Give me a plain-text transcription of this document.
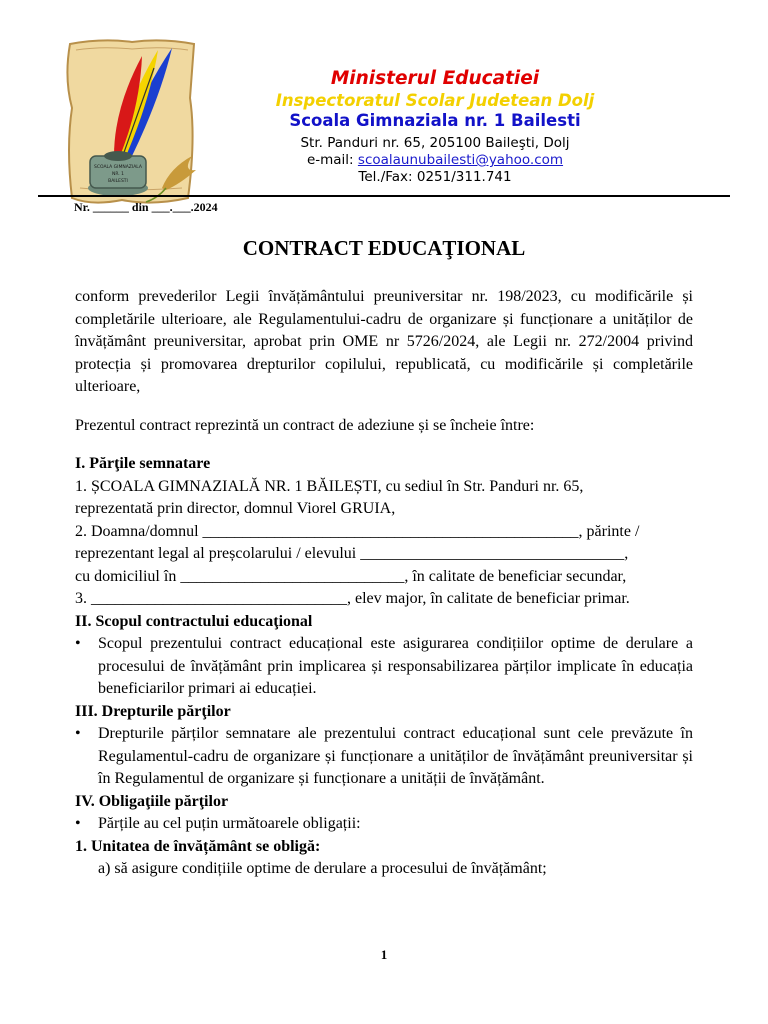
SCOALA GIMNAZIALA
NR. 1
BAILESTI
Ministerul Educatiei
Inspectoratul Scolar Judetean Dolj
Scoala Gimnaziala nr. 1 Bailesti
Str. Panduri nr. 65, 205100 Baileşti, Dolj
e-mail: scoalaunubailesti@yahoo.com
Tel./Fax: 0251/311.741
Nr. ______ din ___.___.2024
CONTRACT EDUCAŢIONAL

conform prevederilor Legii învățământului preuniversitar nr. 198/2023, cu modificările și completările ulterioare, ale Regulamentului-cadru de organizare și funcționare a unităților de învățământ preuniversitar, aprobat prin OME nr 5726/2024, ale Legii nr. 272/2004 privind protecția și promovarea drepturilor copilului, republicată, cu modificările și completările ulterioare,

Prezentul contract reprezintă un contract de adeziune și se încheie între:

I. Părţile semnatare

1. ȘCOALA GIMNAZIALĂ NR. 1 BĂILEȘTI, cu sediul în Str. Panduri nr. 65,

reprezentată prin director, domnul Viorel GRUIA,

2. Doamna/domnul _______________________________________________, părinte /

reprezentant legal al preșcolarului / elevului _________________________________,

cu domiciliul în ____________________________, în calitate de beneficiar secundar,

3. ________________________________, elev major, în calitate de beneficiar primar.

II. Scopul contractului educaţional

• Scopul prezentului contract educațional este asigurarea condițiilor optime de derulare a procesului de învățământ prin implicarea și responsabilizarea părților implicate în educația beneficiarilor primari ai educației.

III. Drepturile părţilor

• Drepturile părților semnatare ale prezentului contract educațional sunt cele prevăzute în Regulamentul-cadru de organizare și funcționare a unităților de învățământ preuniversitar și în Regulamentul de organizare și funcționare a unității de învățământ.

IV. Obligaţiile părţilor

• Părțile au cel puțin următoarele obligații:

1. Unitatea de învățământ se obligă:

a) să asigure condițiile optime de derulare a procesului de învățământ;

1
